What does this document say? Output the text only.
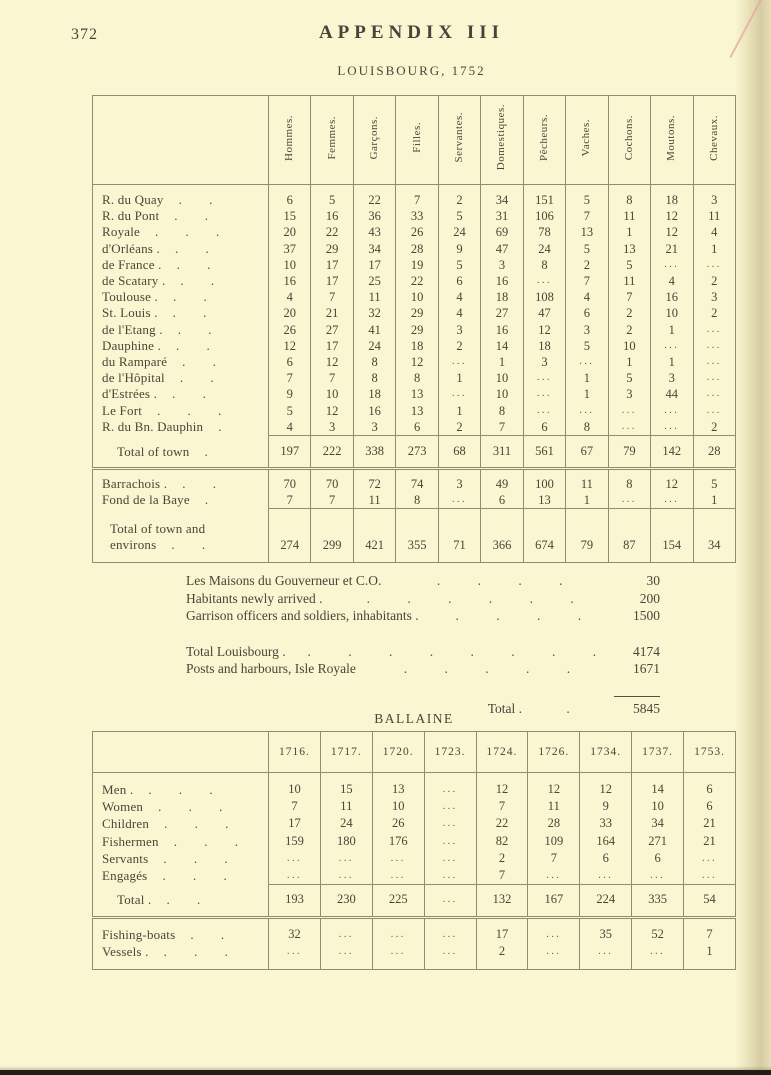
372	APPENDIX III
LOUISBOURG, 1752
	Hommes.	Femmes.	Garçons.	Filles.	Servantes.	Domestiques.	Pêcheurs.	Vaches.	Cochons.	Moutons.	Chevaux.
R. du Quay . .	6	5	22	7	2	34	151	5	8	18	3
R. du Pont . .	15	16	36	33	5	31	106	7	11	12	11
Royale . . .	20	22	43	26	24	69	78	13	1	12	4
d'Orléans . . .	37	29	34	28	9	47	24	5	13	21	1
de France . . .	10	17	17	19	5	3	8	2	5	...	...
de Scatary . . .	16	17	25	22	6	16	...	7	11	4	2
Toulouse . . .	4	7	11	10	4	18	108	4	7	16	3
St. Louis . . .	20	21	32	29	4	27	47	6	2	10	2
de l'Etang . . .	26	27	41	29	3	16	12	3	2	1	...
Dauphine . . .	12	17	24	18	2	14	18	5	10	...	...
du Ramparé . .	6	12	8	12	...	1	3	...	1	1	...
de l'Hôpital . .	7	7	8	8	1	10	...	1	5	3	...
d'Estrées . . .	9	10	18	13	...	10	...	1	3	44	...
Le Fort . . .	5	12	16	13	1	8	...	...	...	...	...
R. du Bn. Dauphin .	4	3	3	6	2	7	6	8	...	...	2
Total of town .	197	222	338	273	68	311	561	67	79	142	28
Barrachois . . .	70	70	72	74	3	49	100	11	8	12	5
Fond de la Baye .	7	7	11	8	...	6	13	1	...	...	1
Total of town and environs . .	274	299	421	355	71	366	674	79	87	154	34
Les Maisons du Gouverneur et C.O.	. . . .	30
Habitants newly arrived .	. . . . . .	200
Garrison officers and soldiers, inhabitants .	. . . .	1500
Total Louisbourg .	. . . . . . . .	4174
Posts and harbours, Isle Royale	. . . . .	1671
Total .	.	5845
BALLAINE
	1716.	1717.	1720.	1723.	1724.	1726.	1734.	1737.	1753.
Men . . . .	10	15	13	...	12	12	12	14	6
Women . . .	7	11	10	...	7	11	9	10	6
Children . . .	17	24	26	...	22	28	33	34	21
Fishermen . . .	159	180	176	...	82	109	164	271	21
Servants . . .	...	...	...	...	2	7	6	6	...
Engagés . . .	...	...	...	...	7	...	...	...	...
Total . . .	193	230	225	...	132	167	224	335	54
Fishing-boats . .	32	...	...	...	17	...	35	52	7
Vessels . . . .	...	...	...	...	2	...	...	...	1
